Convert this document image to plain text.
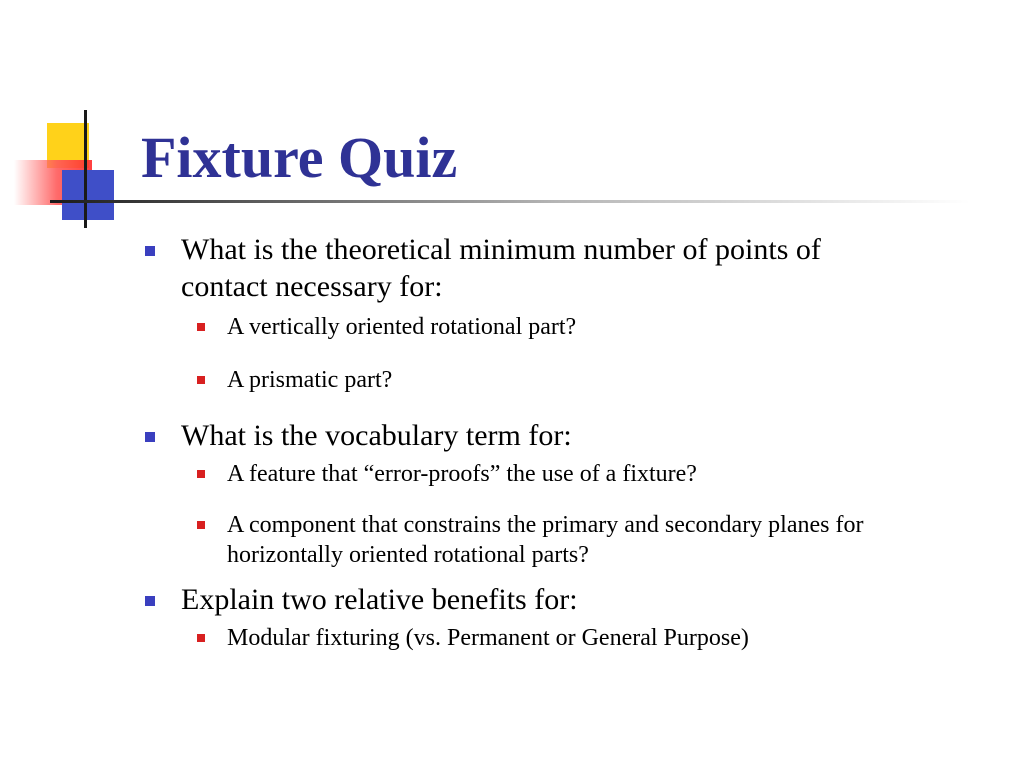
Fixture Quiz
What is the theoretical minimum number of points of
contact necessary for:
A vertically oriented rotational part?
A prismatic part?
What is the vocabulary term for:
A feature that “error-proofs” the use of a fixture?
A component that constrains the primary and secondary planes for
horizontally oriented rotational parts?
Explain two relative benefits for:
Modular fixturing (vs. Permanent or General Purpose)
